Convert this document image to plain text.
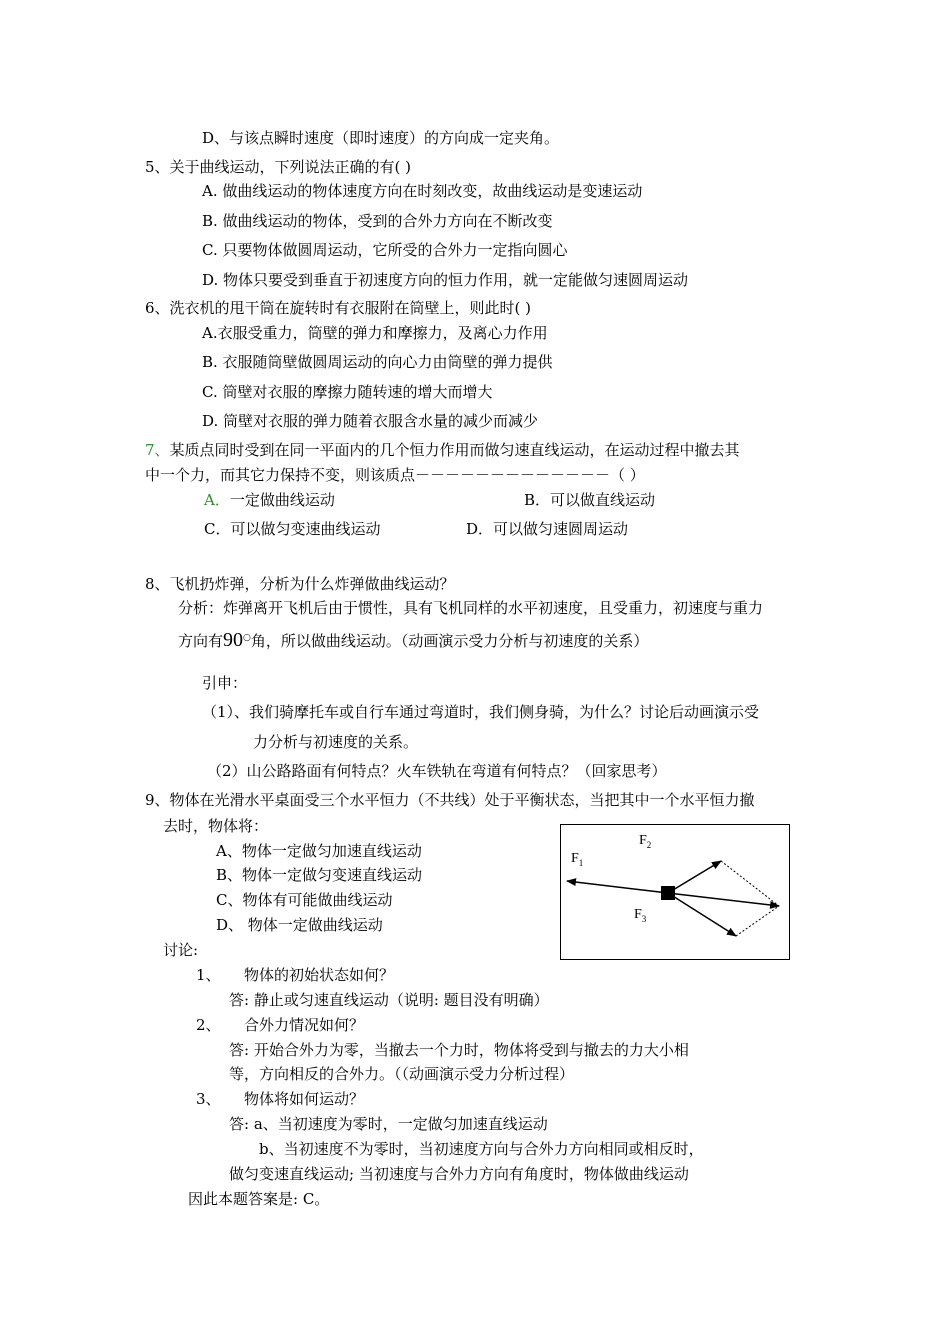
D、与该点瞬时速度（即时速度）的方向成一定夹角。
5、关于曲线运动，下列说法正确的有( )
A. 做曲线运动的物体速度方向在时刻改变，故曲线运动是变速运动
B. 做曲线运动的物体，受到的合外力方向在不断改变
C. 只要物体做圆周运动，它所受的合外力一定指向圆心
D. 物体只要受到垂直于初速度方向的恒力作用，就一定能做匀速圆周运动
6、洗衣机的甩干筒在旋转时有衣服附在筒壁上，则此时( )
A.衣服受重力，筒壁的弹力和摩擦力，及离心力作用
B. 衣服随筒壁做圆周运动的向心力由筒壁的弹力提供
C. 筒壁对衣服的摩擦力随转速的增大而增大
D. 筒壁对衣服的弹力随着衣服含水量的减少而减少
7、某质点同时受到在同一平面内的几个恒力作用而做匀速直线运动，在运动过程中撤去其
中一个力，而其它力保持不变，则该质点－－－－－－－－－－－－－（ ）
A．一定做曲线运动	B．可以做直线运动
C．可以做匀变速曲线运动	D．可以做匀速圆周运动
8、飞机扔炸弹，分析为什么炸弹做曲线运动？
分析：炸弹离开飞机后由于惯性，具有飞机同样的水平初速度，且受重力，初速度与重力
方向有90○角，所以做曲线运动。（动画演示受力分析与初速度的关系）
引申：
（1）、我们骑摩托车或自行车通过弯道时，我们侧身骑，为什么？讨论后动画演示受
力分析与初速度的关系。
（2）山公路路面有何特点？火车铁轨在弯道有何特点？（回家思考）
9、物体在光滑水平桌面受三个水平恒力（不共线）处于平衡状态，当把其中一个水平恒力撤
去时，物体将：
A、物体一定做匀加速直线运动
B、物体一定做匀变速直线运动
C、物体有可能做曲线运动
D、 物体一定做曲线运动
$F_1$
$F_2$
$F_3$
讨论:
1、 物体的初始状态如何？
答: 静止或匀速直线运动（说明: 题目没有明确）
2、 合外力情况如何？
答: 开始合外力为零，当撤去一个力时，物体将受到与撤去的力大小相
等，方向相反的合外力。（（动画演示受力分析过程）
3、 物体将如何运动？
答: a、当初速度为零时，一定做匀加速直线运动
b、当初速度不为零时，当初速度方向与合外力方向相同或相反时，
做匀变速直线运动; 当初速度与合外力方向有角度时，物体做曲线运动
因此本题答案是: C。
